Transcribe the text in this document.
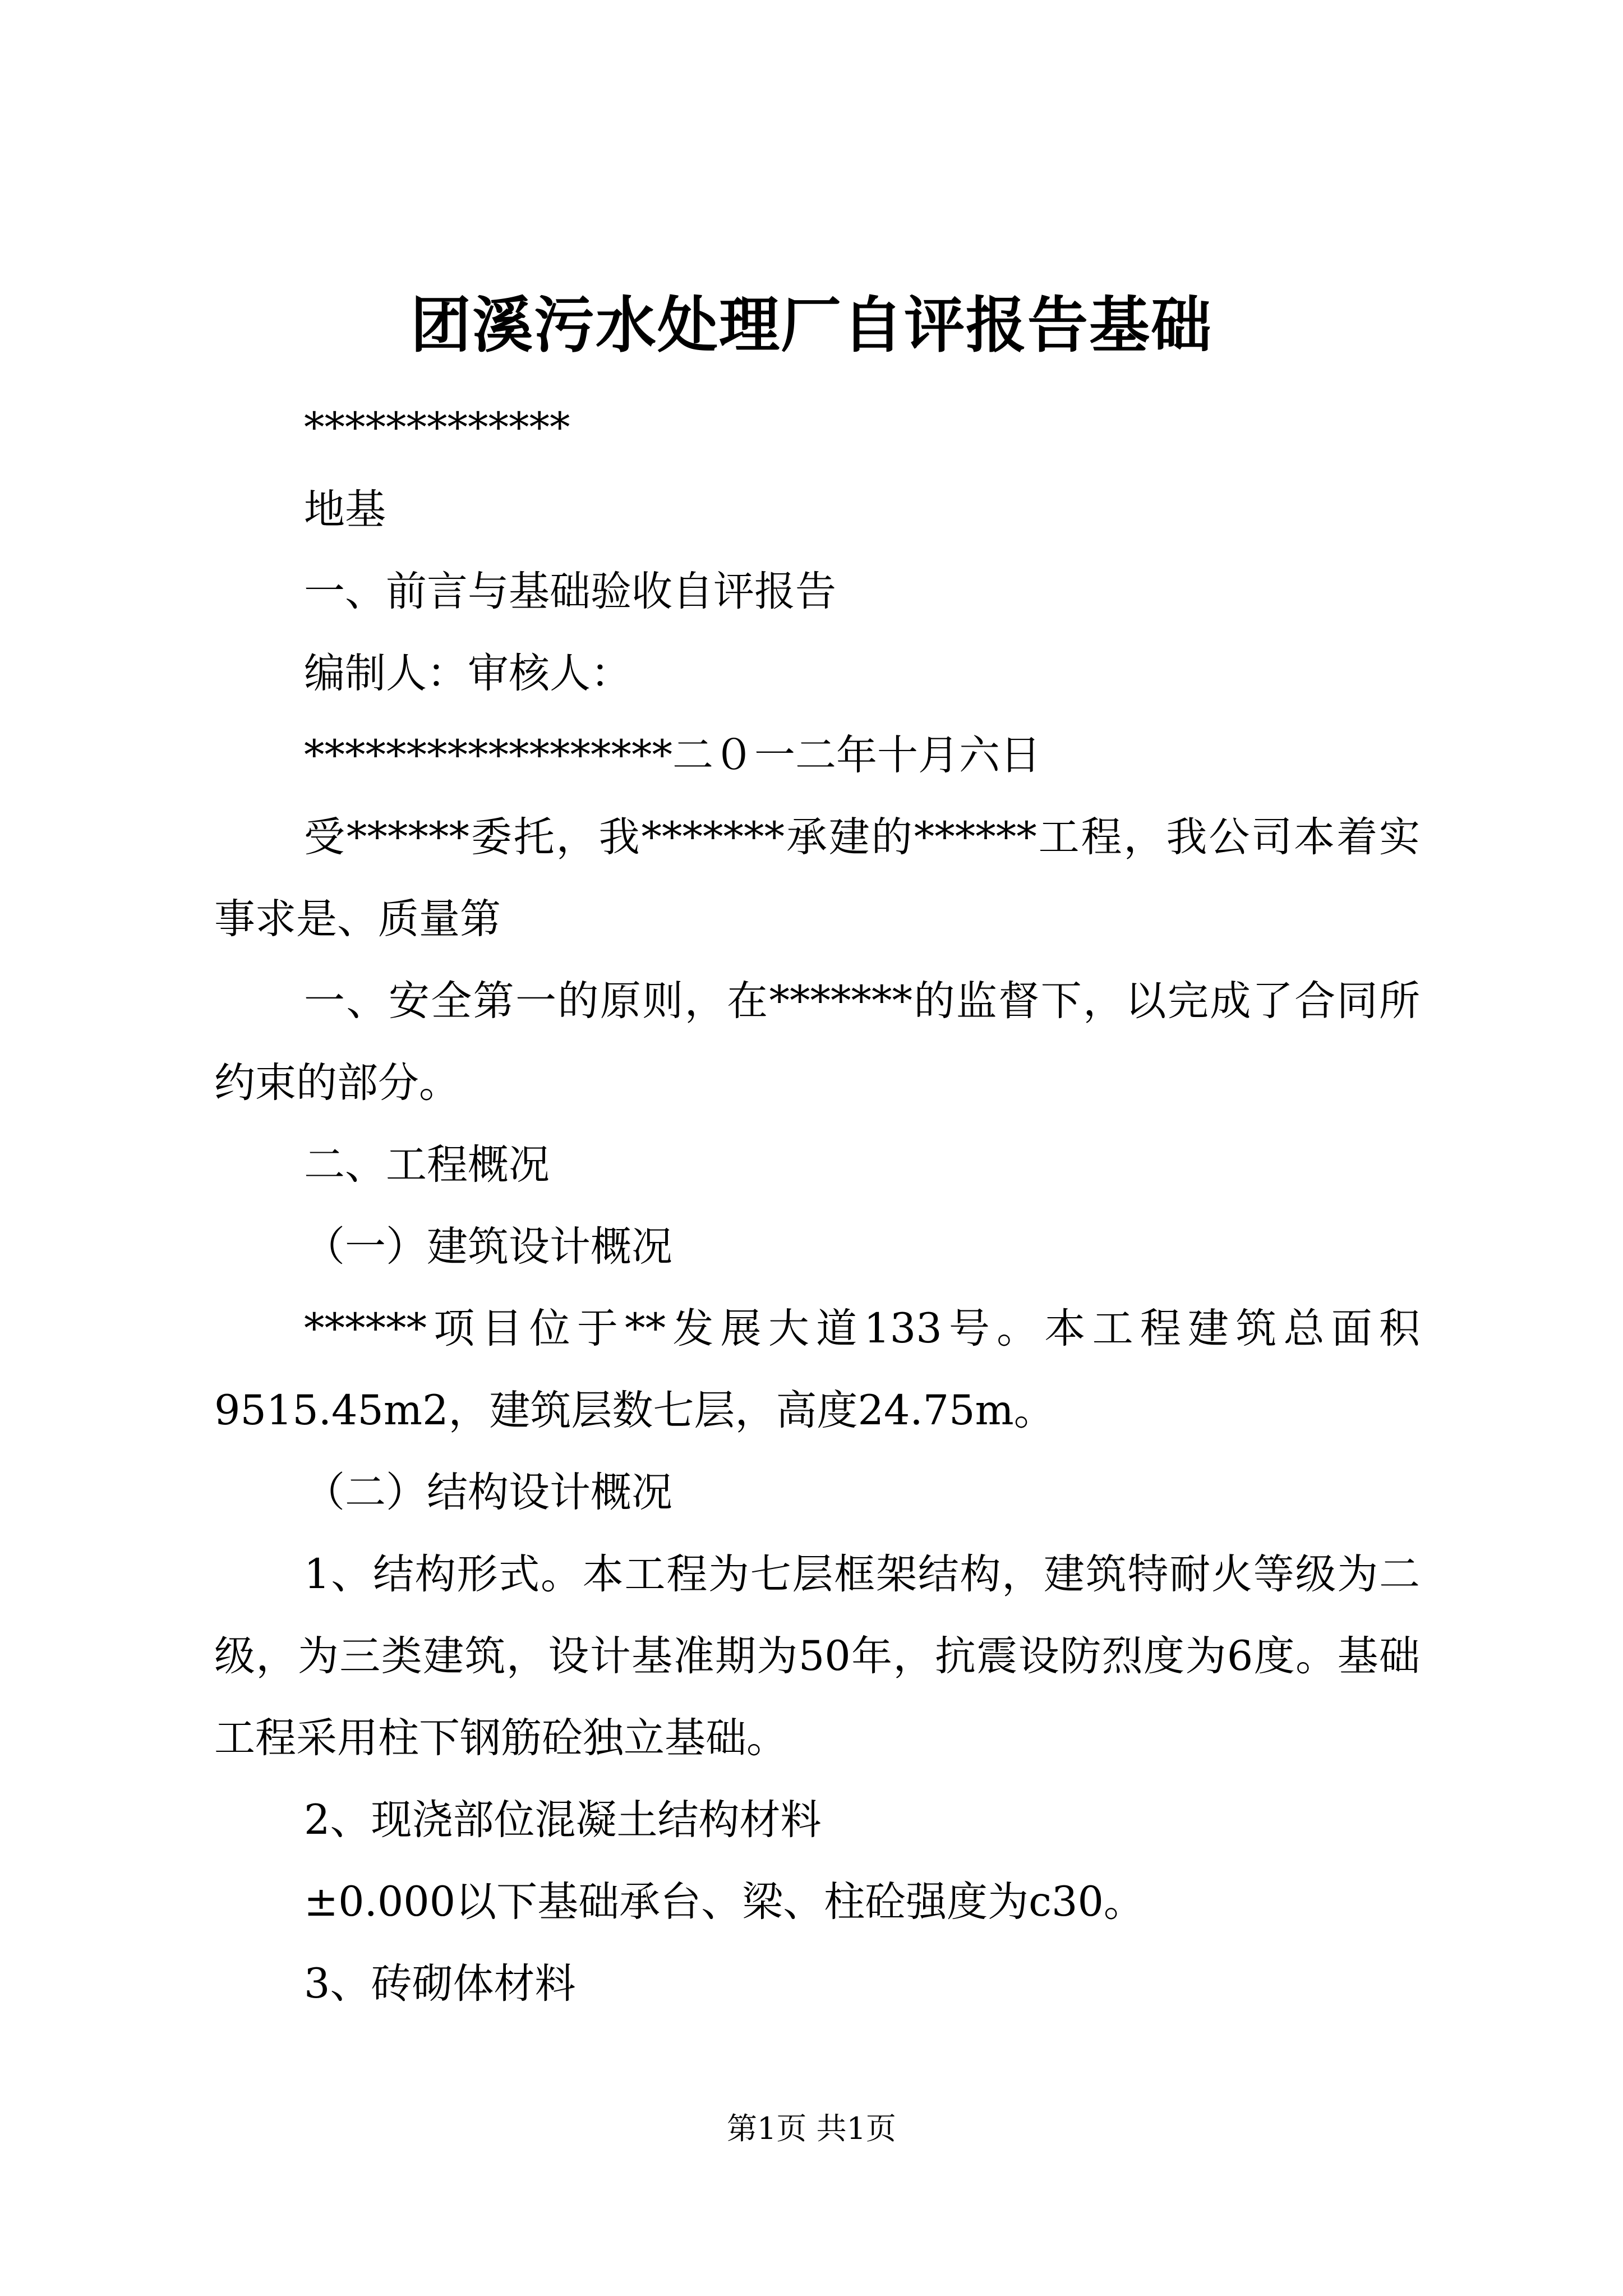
团溪污水处理厂自评报告基础

*************

地基

一、前言与基础验收自评报告

编制人：审核人：

******************二０一二年十月六日

受******委托，我*******承建的******工程，我公司本着实事求是、质量第

一、安全第一的原则，在*******的监督下，以完成了合同所约束的部分。

二、工程概况

（一）建筑设计概况

******项目位于**发展大道133号。本工程建筑总面积9515.45m2，建筑层数七层，高度24.75m。

（二）结构设计概况

1、结构形式。本工程为七层框架结构，建筑特耐火等级为二级，为三类建筑，设计基准期为50年，抗震设防烈度为6度。基础工程采用柱下钢筋砼独立基础。

2、现浇部位混凝土结构材料

±0.000以下基础承台、梁、柱砼强度为c30。

3、砖砌体材料

第1页 共1页
